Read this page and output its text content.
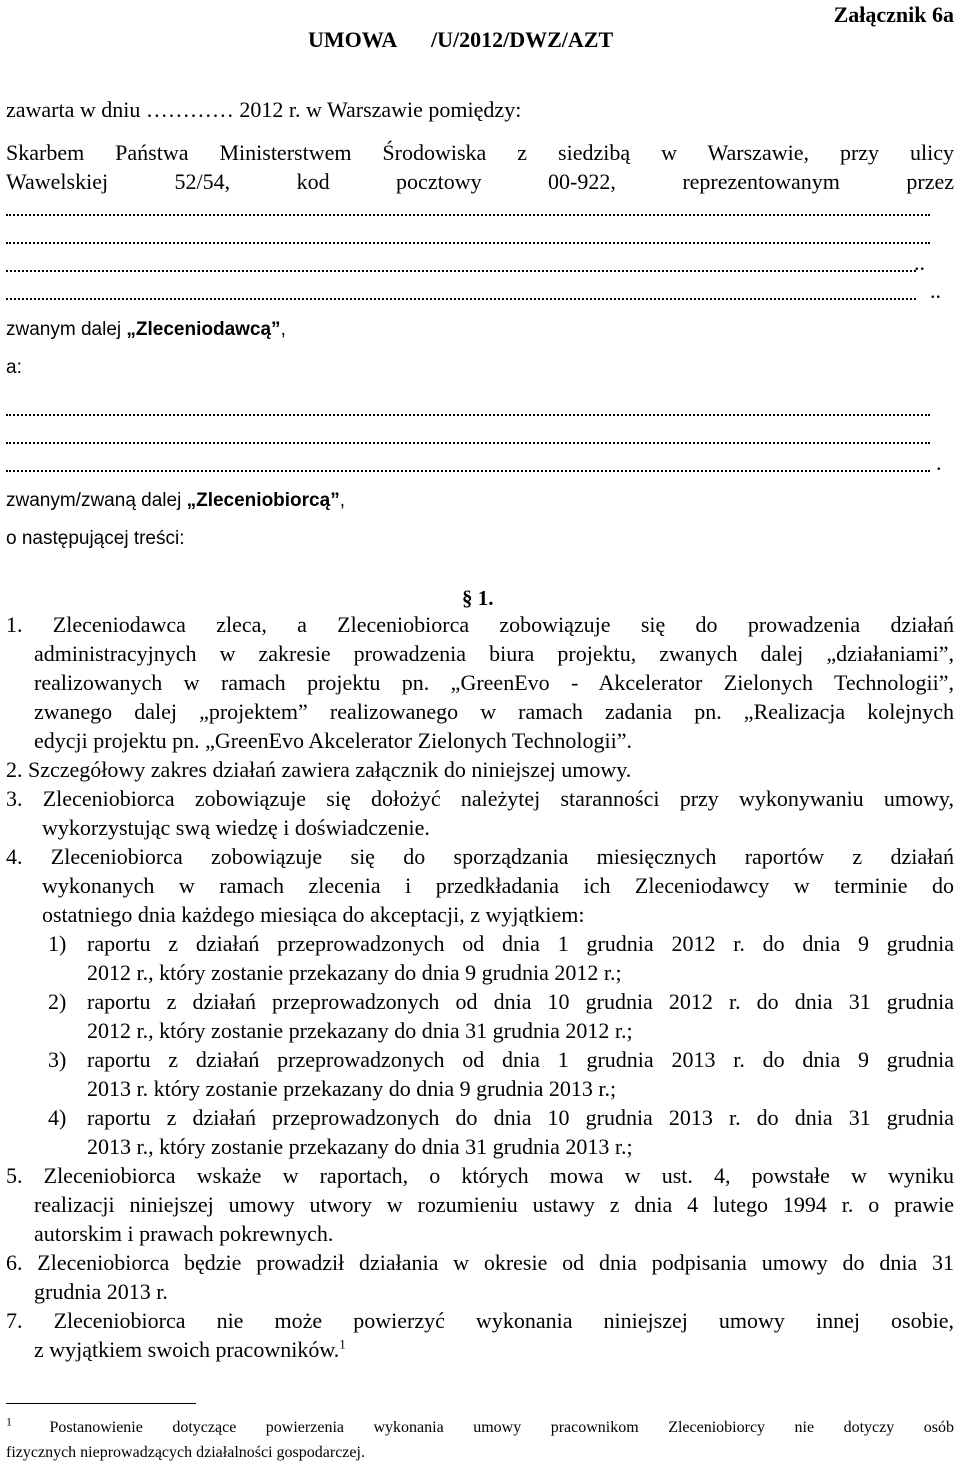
UMOWA /U/2012/DWZ/AZT
Załącznik 6a
zawarta w dniu ………… 2012 r. w Warszawie pomiędzy:
Skarbem Państwa Ministerstwem Środowiska z siedzibą w Warszawie, przy ulicy
Wawelskiej 52/54, kod pocztowy 00-922, reprezentowanym przez
..
..
zwanym dalej „Zleceniodawcą”,
a:
.
zwanym/zwaną dalej „Zleceniobiorcą”,
o następującej treści:
§ 1.
1. Zleceniodawca zleca, a Zleceniobiorca zobowiązuje się do prowadzenia działań
administracyjnych w zakresie prowadzenia biura projektu, zwanych dalej „działaniami”,
realizowanych w ramach projektu pn. „GreenEvo - Akcelerator Zielonych Technologii”,
zwanego dalej „projektem” realizowanego w ramach zadania pn. „Realizacja kolejnych
edycji projektu pn. „GreenEvo Akcelerator Zielonych Technologii”.
2. Szczegółowy zakres działań zawiera załącznik do niniejszej umowy.
3. Zleceniobiorca zobowiązuje się dołożyć należytej staranności przy wykonywaniu umowy,
wykorzystując swą wiedzę i doświadczenie.
4. Zleceniobiorca zobowiązuje się do sporządzania miesięcznych raportów z działań
wykonanych w ramach zlecenia i przedkładania ich Zleceniodawcy w terminie do
ostatniego dnia każdego miesiąca do akceptacji, z wyjątkiem:
1) raportu z działań przeprowadzonych od dnia 1 grudnia 2012 r. do dnia 9 grudnia
2012 r., który zostanie przekazany do dnia 9 grudnia 2012 r.;
2) raportu z działań przeprowadzonych od dnia 10 grudnia 2012 r. do dnia 31 grudnia
2012 r., który zostanie przekazany do dnia 31 grudnia 2012 r.;
3) raportu z działań przeprowadzonych od dnia 1 grudnia 2013 r. do dnia 9 grudnia
2013 r. który zostanie przekazany do dnia 9 grudnia 2013 r.;
4) raportu z działań przeprowadzonych do dnia 10 grudnia 2013 r. do dnia 31 grudnia
2013 r., który zostanie przekazany do dnia 31 grudnia 2013 r.;
5. Zleceniobiorca wskaże w raportach, o których mowa w ust. 4, powstałe w wyniku
realizacji niniejszej umowy utwory w rozumieniu ustawy z dnia 4 lutego 1994 r. o prawie
autorskim i prawach pokrewnych.
6. Zleceniobiorca będzie prowadził działania w okresie od dnia podpisania umowy do dnia 31
grudnia 2013 r.
7. Zleceniobiorca nie może powierzyć wykonania niniejszej umowy innej osobie,
z wyjątkiem swoich pracowników.$^1$
$^1$ Postanowienie dotyczące powierzenia wykonania umowy pracownikom Zleceniobiorcy nie dotyczy osób
fizycznych nieprowadzących działalności gospodarczej.
